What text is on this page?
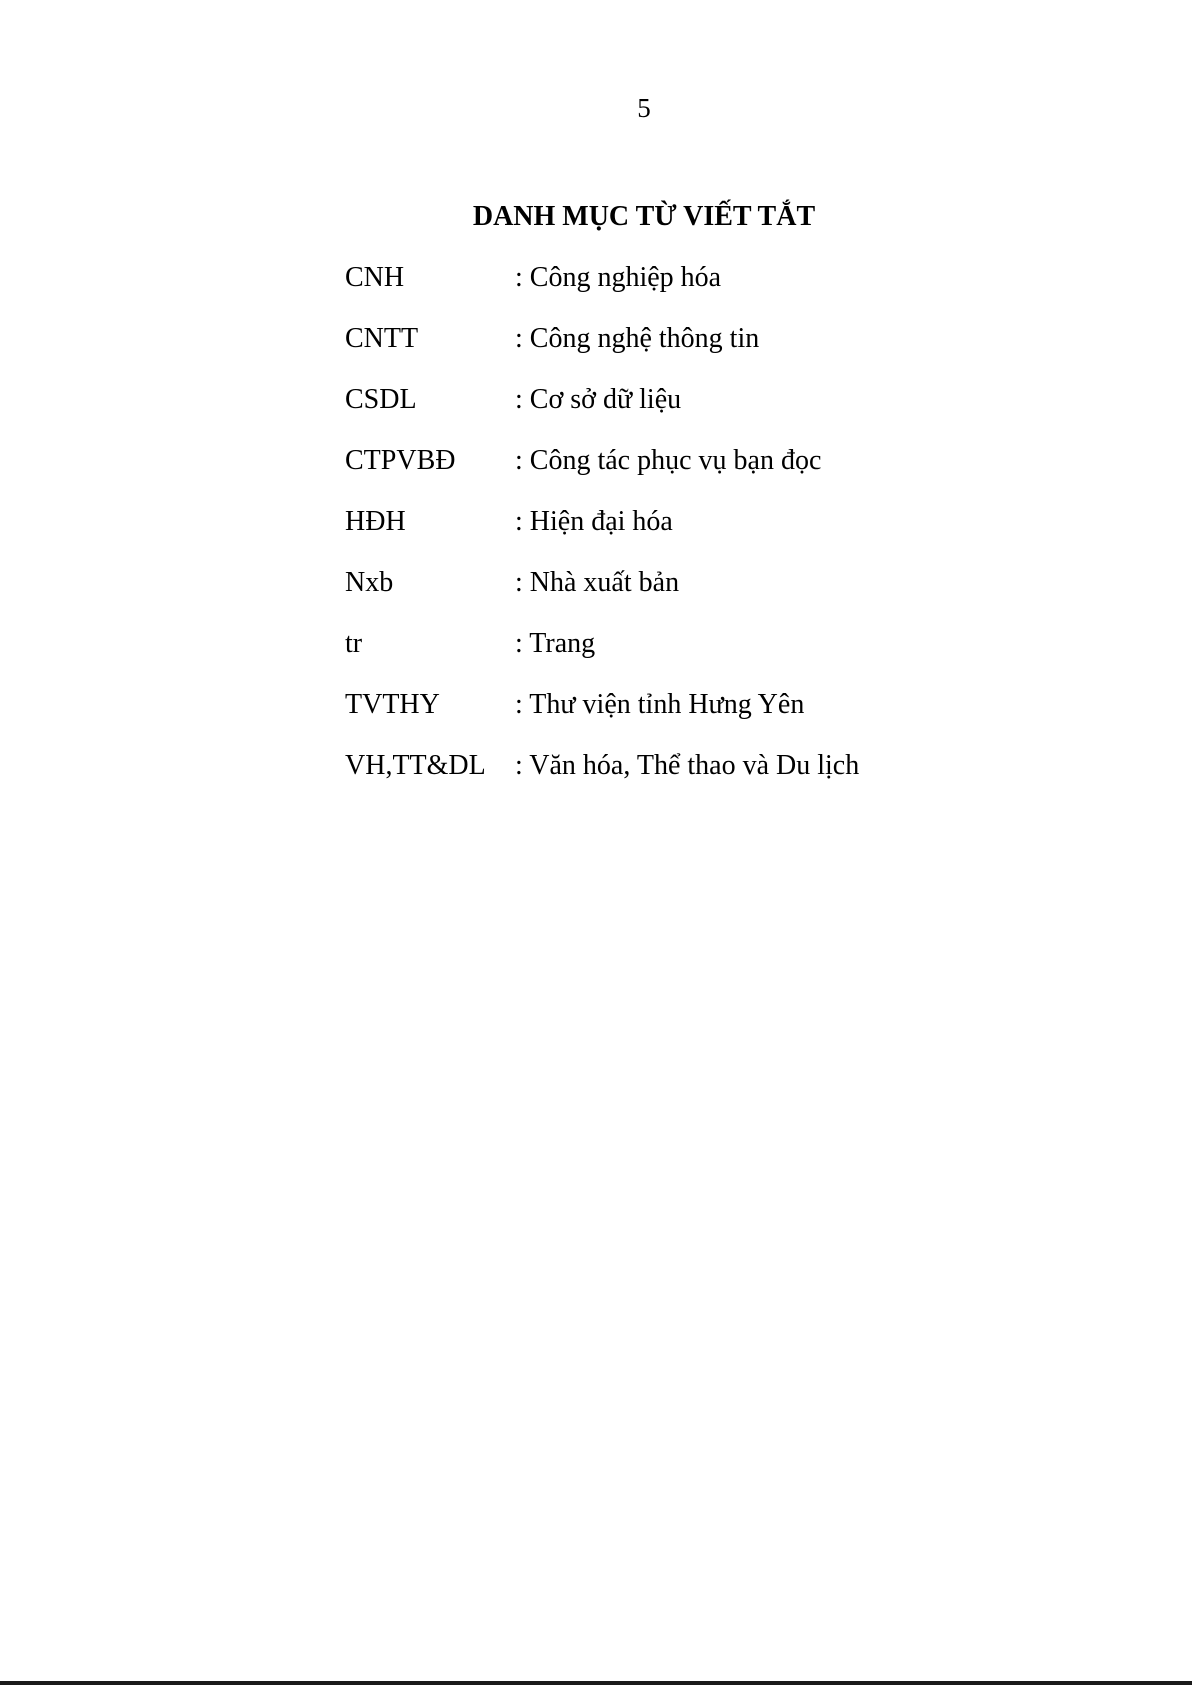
5
DANH MỤC TỪ VIẾT TẮT
CNH	: Công nghiệp hóa
CNTT	: Công nghệ thông tin
CSDL	: Cơ sở dữ liệu
CTPVBĐ	: Công tác phục vụ bạn đọc
HĐH	: Hiện đại hóa
Nxb	: Nhà xuất bản
tr	: Trang
TVTHY	: Thư viện tỉnh Hưng Yên
VH,TT&DL	: Văn hóa, Thể thao và Du lịch
